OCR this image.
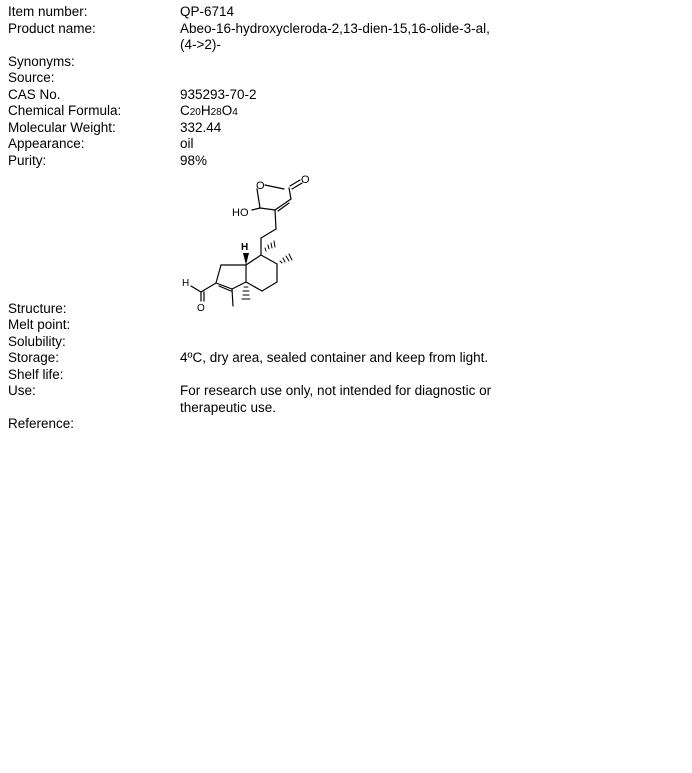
Item number:
Product name:
Synonyms:
Source:
CAS No.
Chemical Formula:
Molecular Weight:
Appearance:
Purity:
Structure:
Melt point:
Solubility:
Storage:
Shelf life:
Use:
Reference:
QP-6714
Abeo-16-hydroxycleroda-2,13-dien-15,16-olide-3-al,
(4->2)-
935293-70-2
C20H28O4
332.44
oil
98%
4ºC, dry area, sealed container and keep from light.
For research use only, not intended for diagnostic or
therapeutic use.
HO
O	O
H
H
O
